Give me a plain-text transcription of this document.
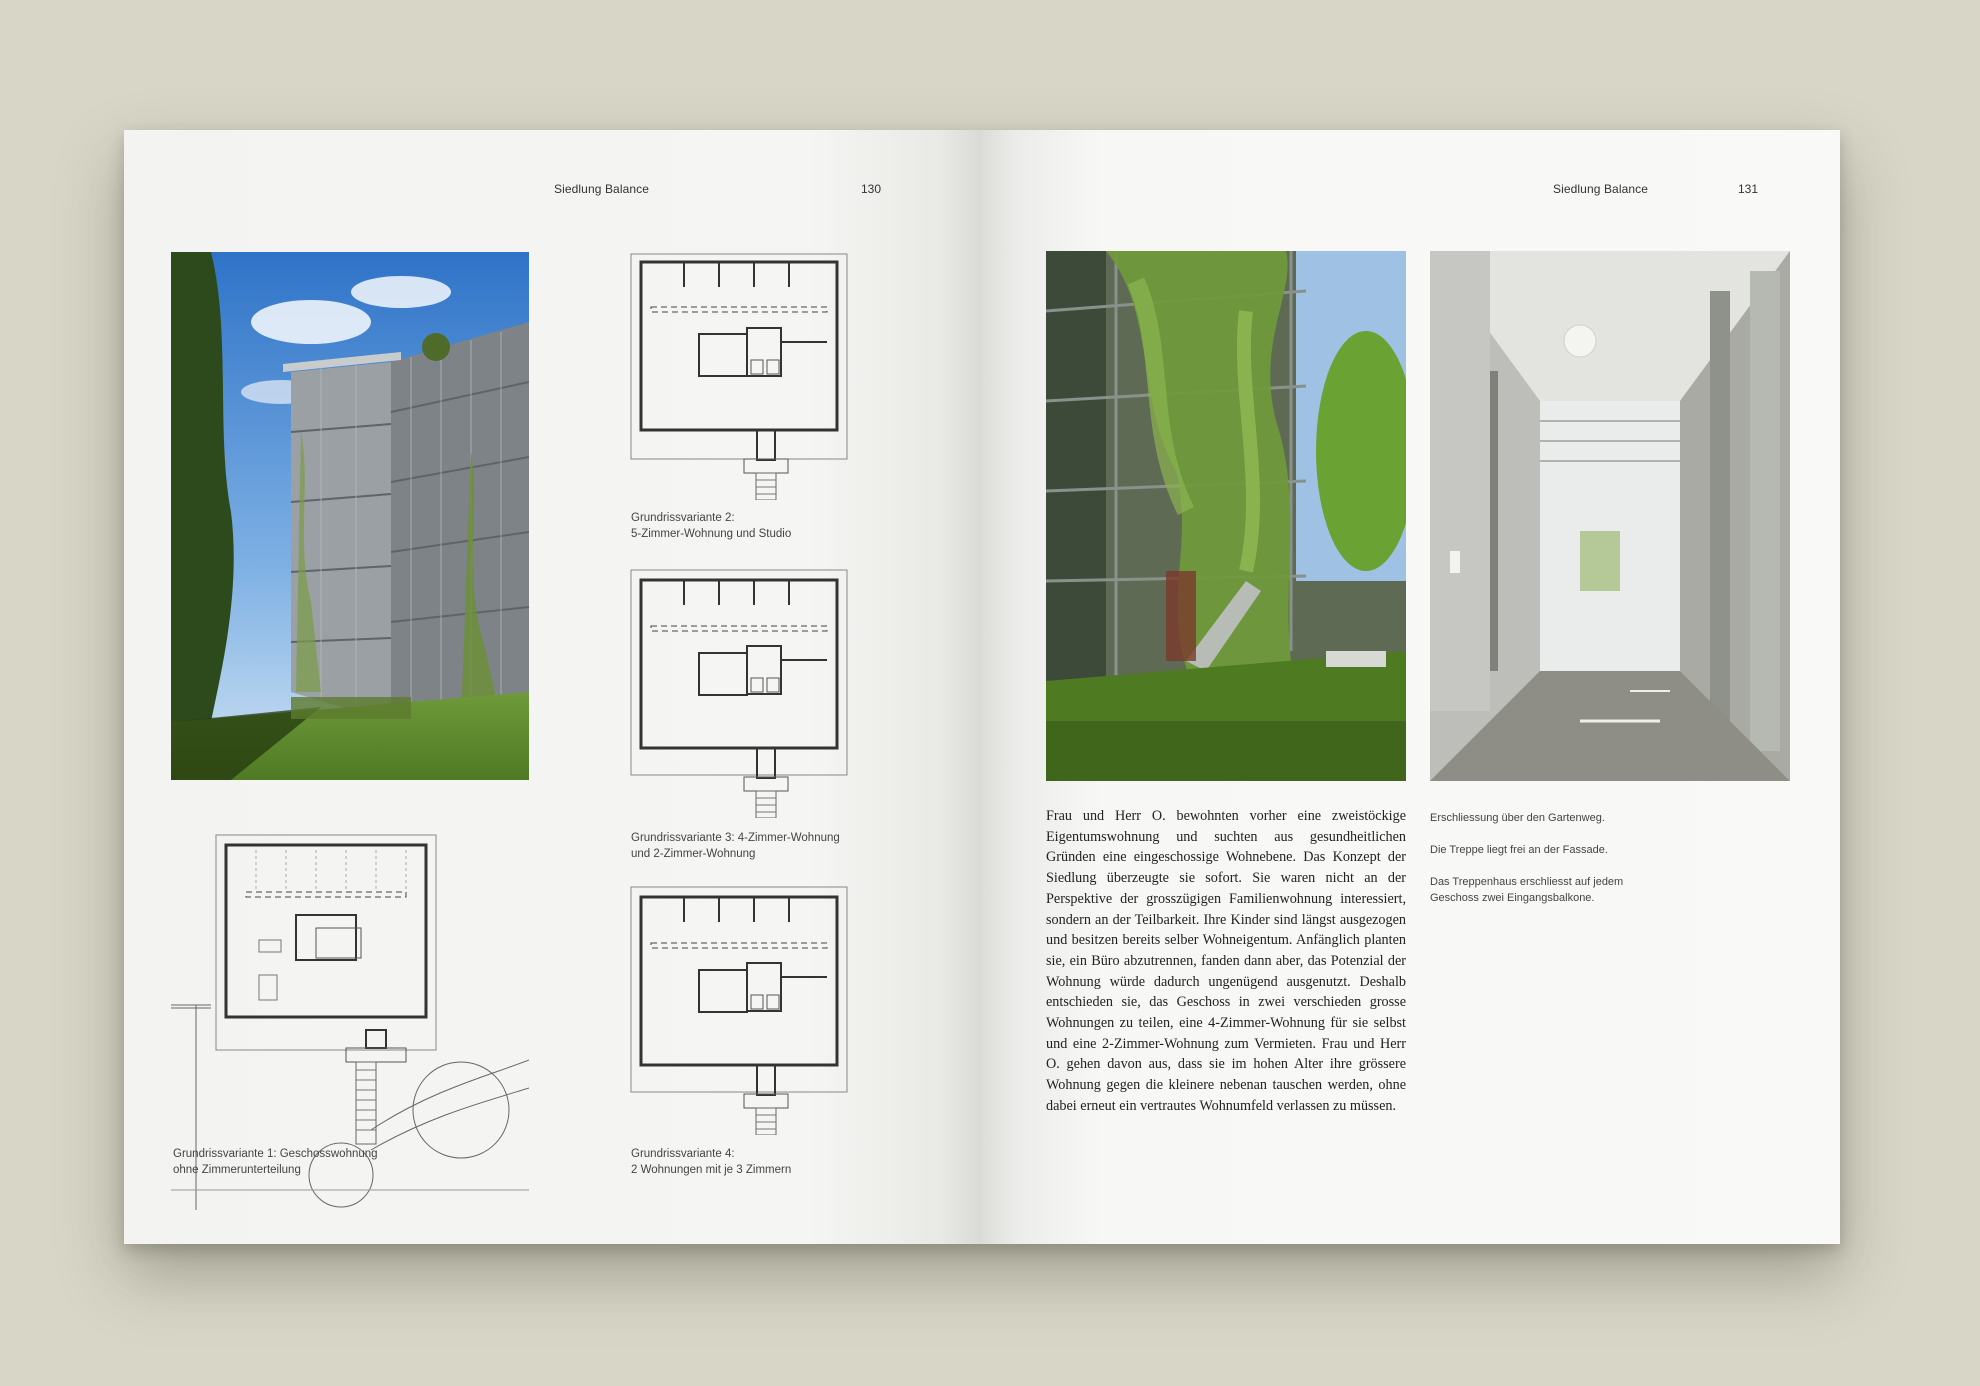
Siedlung Balance	130
Grundrissvariante 1: Geschosswohnung
ohne Zimmerunterteilung
Grundrissvariante 2:
5-Zimmer-Wohnung und Studio
Grundrissvariante 3: 4-Zimmer-Wohnung
und 2-Zimmer-Wohnung
Grundrissvariante 4:
2 Wohnungen mit je 3 Zimmern
Siedlung Balance	131
Frau und Herr O. bewohnten vorher eine zweistöckige Eigentumswohnung und suchten aus gesundheitlichen Gründen eine eingeschossige Wohnebene. Das Konzept der Siedlung überzeugte sie sofort. Sie waren nicht an der Perspektive der grosszügigen Familienwohnung interessiert, sondern an der Teilbarkeit. Ihre Kinder sind längst ausgezogen und besitzen bereits selber Wohneigentum. Anfänglich planten sie, ein Büro abzutrennen, fanden dann aber, das Potenzial der Wohnung würde dadurch ungenügend ausgenutzt. Deshalb entschieden sie, das Geschoss in zwei verschieden grosse Wohnungen zu teilen, eine 4-Zimmer-Wohnung für sie selbst und eine 2-Zimmer-Wohnung zum Vermieten. Frau und Herr O. gehen davon aus, dass sie im hohen Alter ihre grössere Wohnung gegen die kleinere nebenan tauschen werden, ohne dabei erneut ein vertrautes Wohnumfeld verlassen zu müssen.
Erschliessung über den Gartenweg.
Die Treppe liegt frei an der Fassade.
Das Treppenhaus erschliesst auf jedem
Geschoss zwei Eingangsbalkone.
